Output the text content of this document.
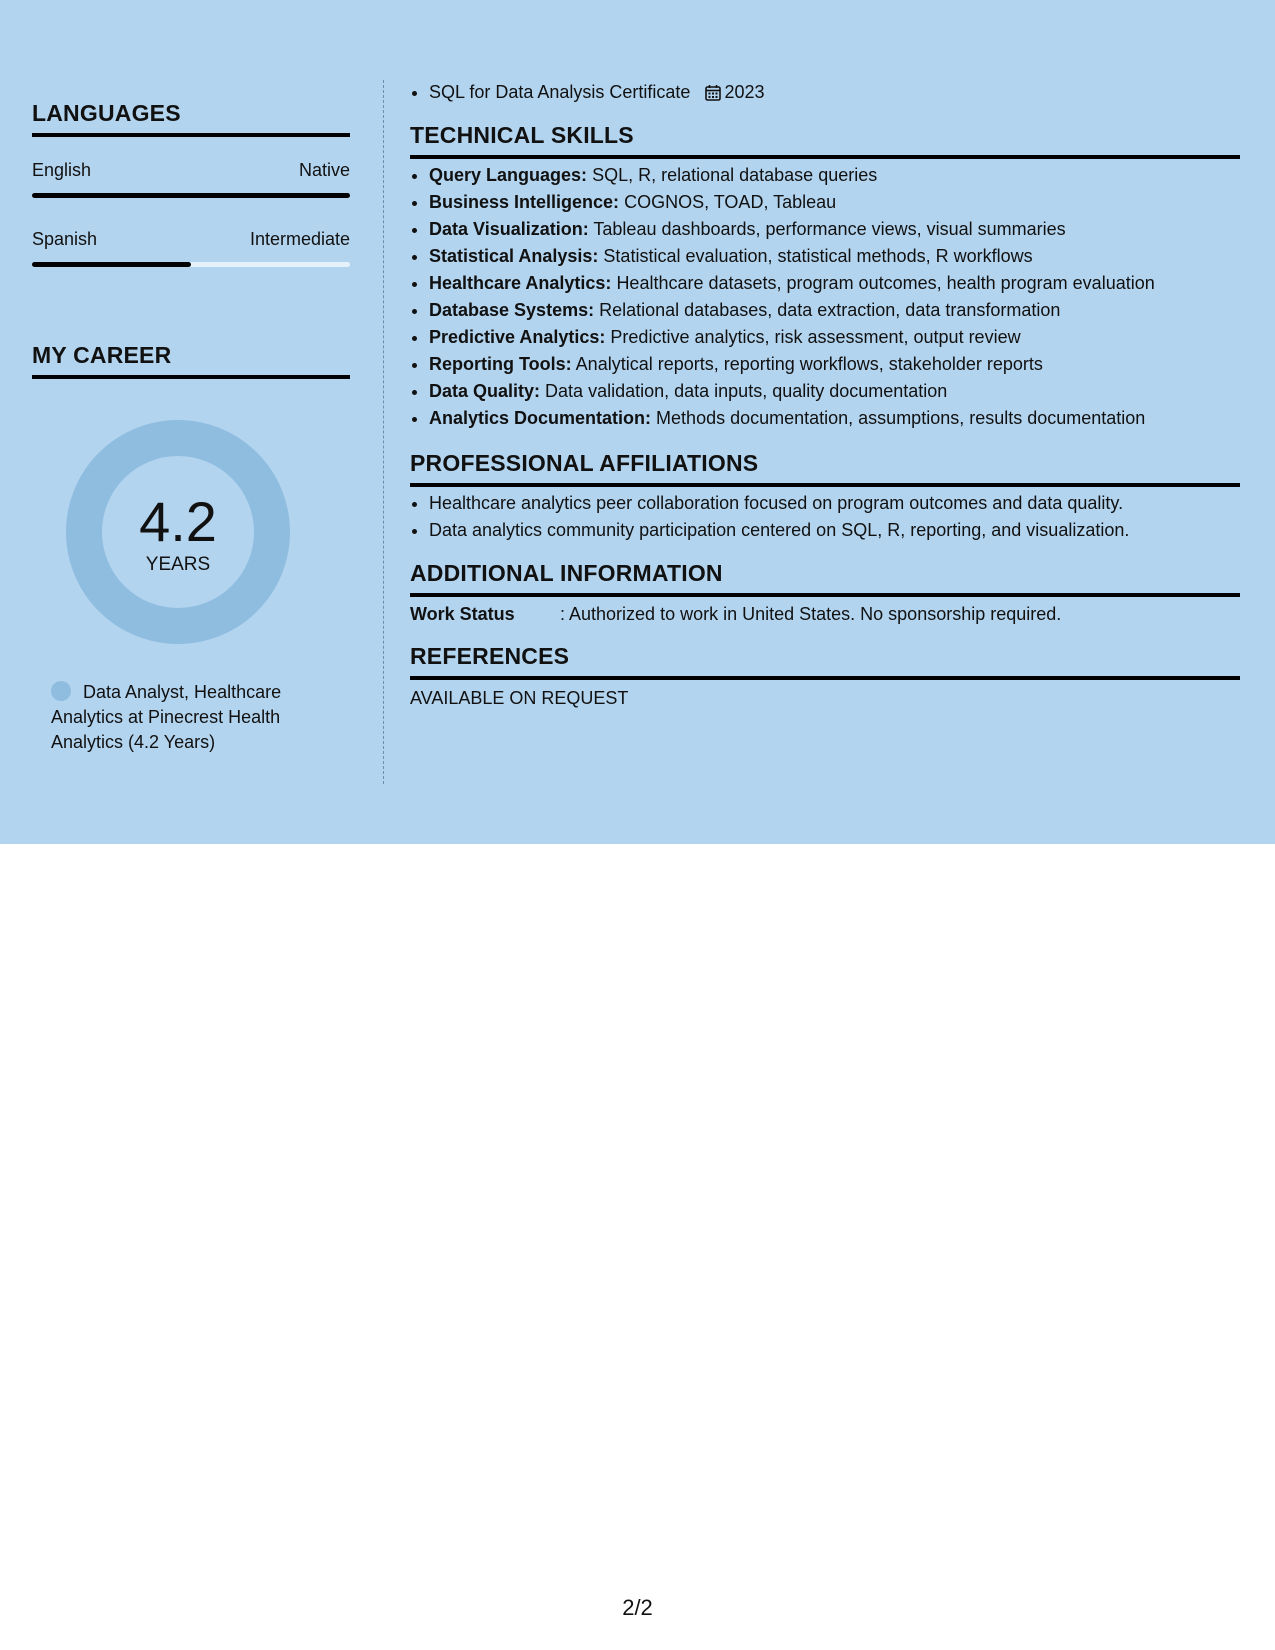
LANGUAGES
English	Native
Spanish	Intermediate
MY CAREER
4.2
YEARS
Data Analyst, Healthcare Analytics at Pinecrest Health Analytics (4.2 Years)
• SQL for Data Analysis Certificate 2023
TECHNICAL SKILLS
• Query Languages: SQL, R, relational database queries
• Business Intelligence: COGNOS, TOAD, Tableau
• Data Visualization: Tableau dashboards, performance views, visual summaries
• Statistical Analysis: Statistical evaluation, statistical methods, R workflows
• Healthcare Analytics: Healthcare datasets, program outcomes, health program evaluation
• Database Systems: Relational databases, data extraction, data transformation
• Predictive Analytics: Predictive analytics, risk assessment, output review
• Reporting Tools: Analytical reports, reporting workflows, stakeholder reports
• Data Quality: Data validation, data inputs, quality documentation
• Analytics Documentation: Methods documentation, assumptions, results documentation
PROFESSIONAL AFFILIATIONS
• Healthcare analytics peer collaboration focused on program outcomes and data quality.
• Data analytics community participation centered on SQL, R, reporting, and visualization.
ADDITIONAL INFORMATION
Work Status	: Authorized to work in United States. No sponsorship required.
REFERENCES
AVAILABLE ON REQUEST
2/2
